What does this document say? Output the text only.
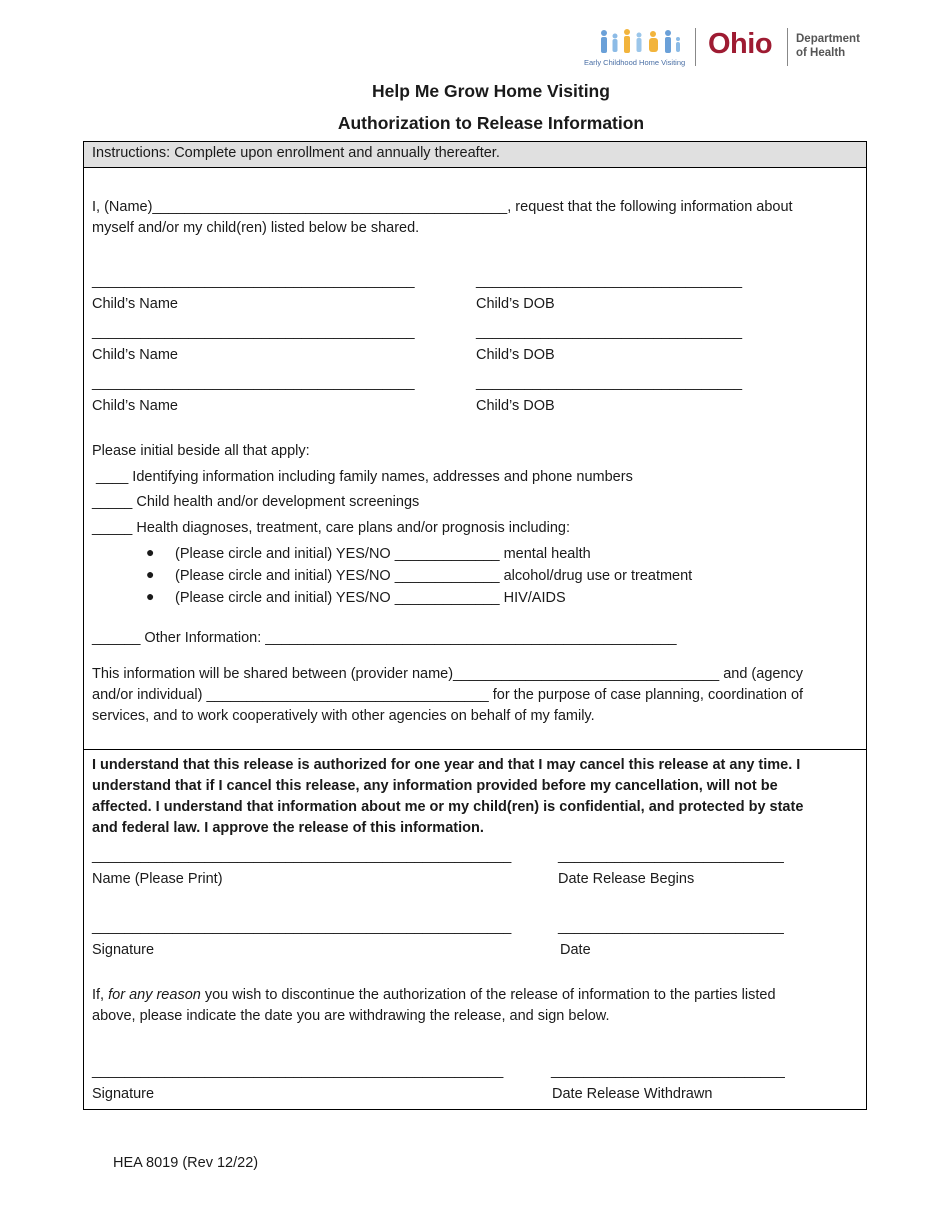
Early Childhood Home Visiting
Ohio Department
of Health
Help Me Grow Home Visiting
Authorization to Release Information
Instructions: Complete upon enrollment and annually thereafter.
I, (Name)____________________________________________, request that the following information about
myself and/or my child(ren) listed below be shared.
________________________________________	_________________________________
Child’s Name	Child’s DOB
________________________________________	_________________________________
Child’s Name	Child’s DOB
________________________________________	_________________________________
Child’s Name	Child’s DOB
Please initial beside all that apply:
____ Identifying information including family names, addresses and phone numbers
_____ Child health and/or development screenings
_____ Health diagnoses, treatment, care plans and/or prognosis including:
● (Please circle and initial) YES/NO _____________ mental health
● (Please circle and initial) YES/NO _____________ alcohol/drug use or treatment
● (Please circle and initial) YES/NO _____________ HIV/AIDS
______ Other Information: ___________________________________________________
This information will be shared between (provider name)_________________________________ and (agency
and/or individual) ___________________________________ for the purpose of case planning, coordination of
services, and to work cooperatively with other agencies on behalf of my family.
I understand that this release is authorized for one year and that I may cancel this release at any time. I
understand that if I cancel this release, any information provided before my cancellation, will not be
affected. I understand that information about me or my child(ren) is confidential, and protected by state
and federal law. I approve the release of this information.
____________________________________________________	____________________________
Name (Please Print)	Date Release Begins
____________________________________________________	____________________________
Signature	Date
If, for any reason you wish to discontinue the authorization of the release of information to the parties listed
above, please indicate the date you are withdrawing the release, and sign below.
___________________________________________________	_____________________________
Signature	Date Release Withdrawn
HEA 8019 (Rev 12/22)
